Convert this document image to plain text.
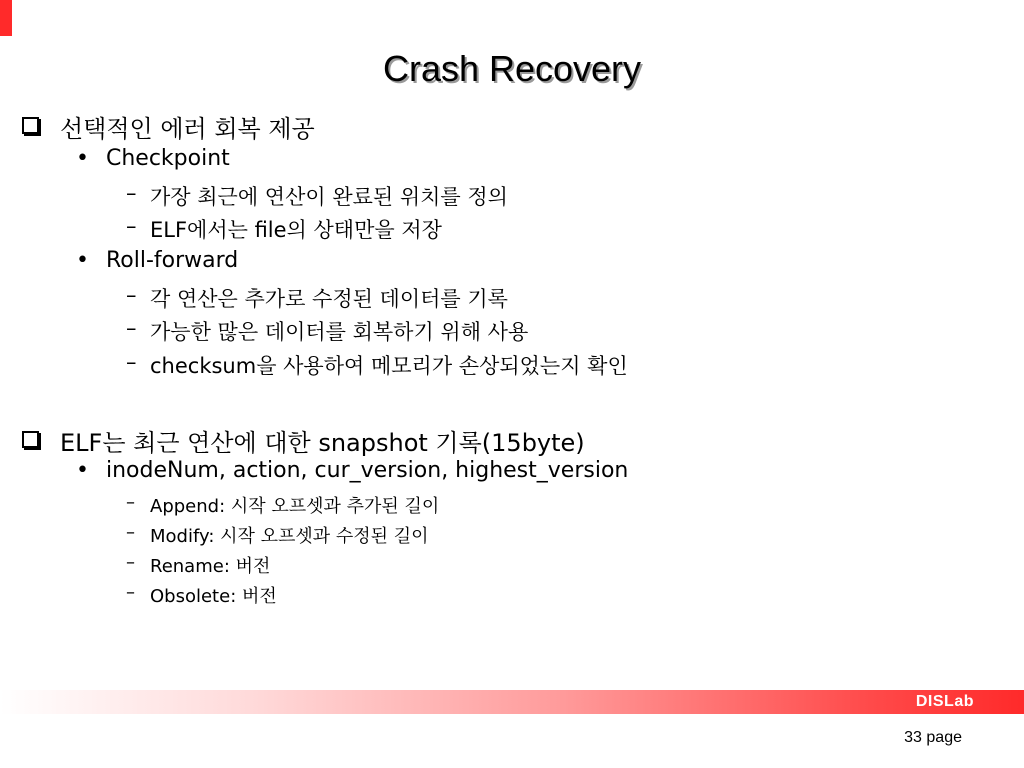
Crash Recovery
선택적인 에러 회복 제공
• Checkpoint
– 가장 최근에 연산이 완료된 위치를 정의
– ELF에서는 file의 상태만을 저장
• Roll-forward
– 각 연산은 추가로 수정된 데이터를 기록
– 가능한 많은 데이터를 회복하기 위해 사용
– checksum을 사용하여 메모리가 손상되었는지 확인
ELF는 최근 연산에 대한 snapshot 기록(15byte)
• inodeNum, action, cur_version, highest_version
– Append: 시작 오프셋과 추가된 길이
– Modify: 시작 오프셋과 수정된 길이
– Rename: 버전
– Obsolete: 버전
DISLab
33 page
